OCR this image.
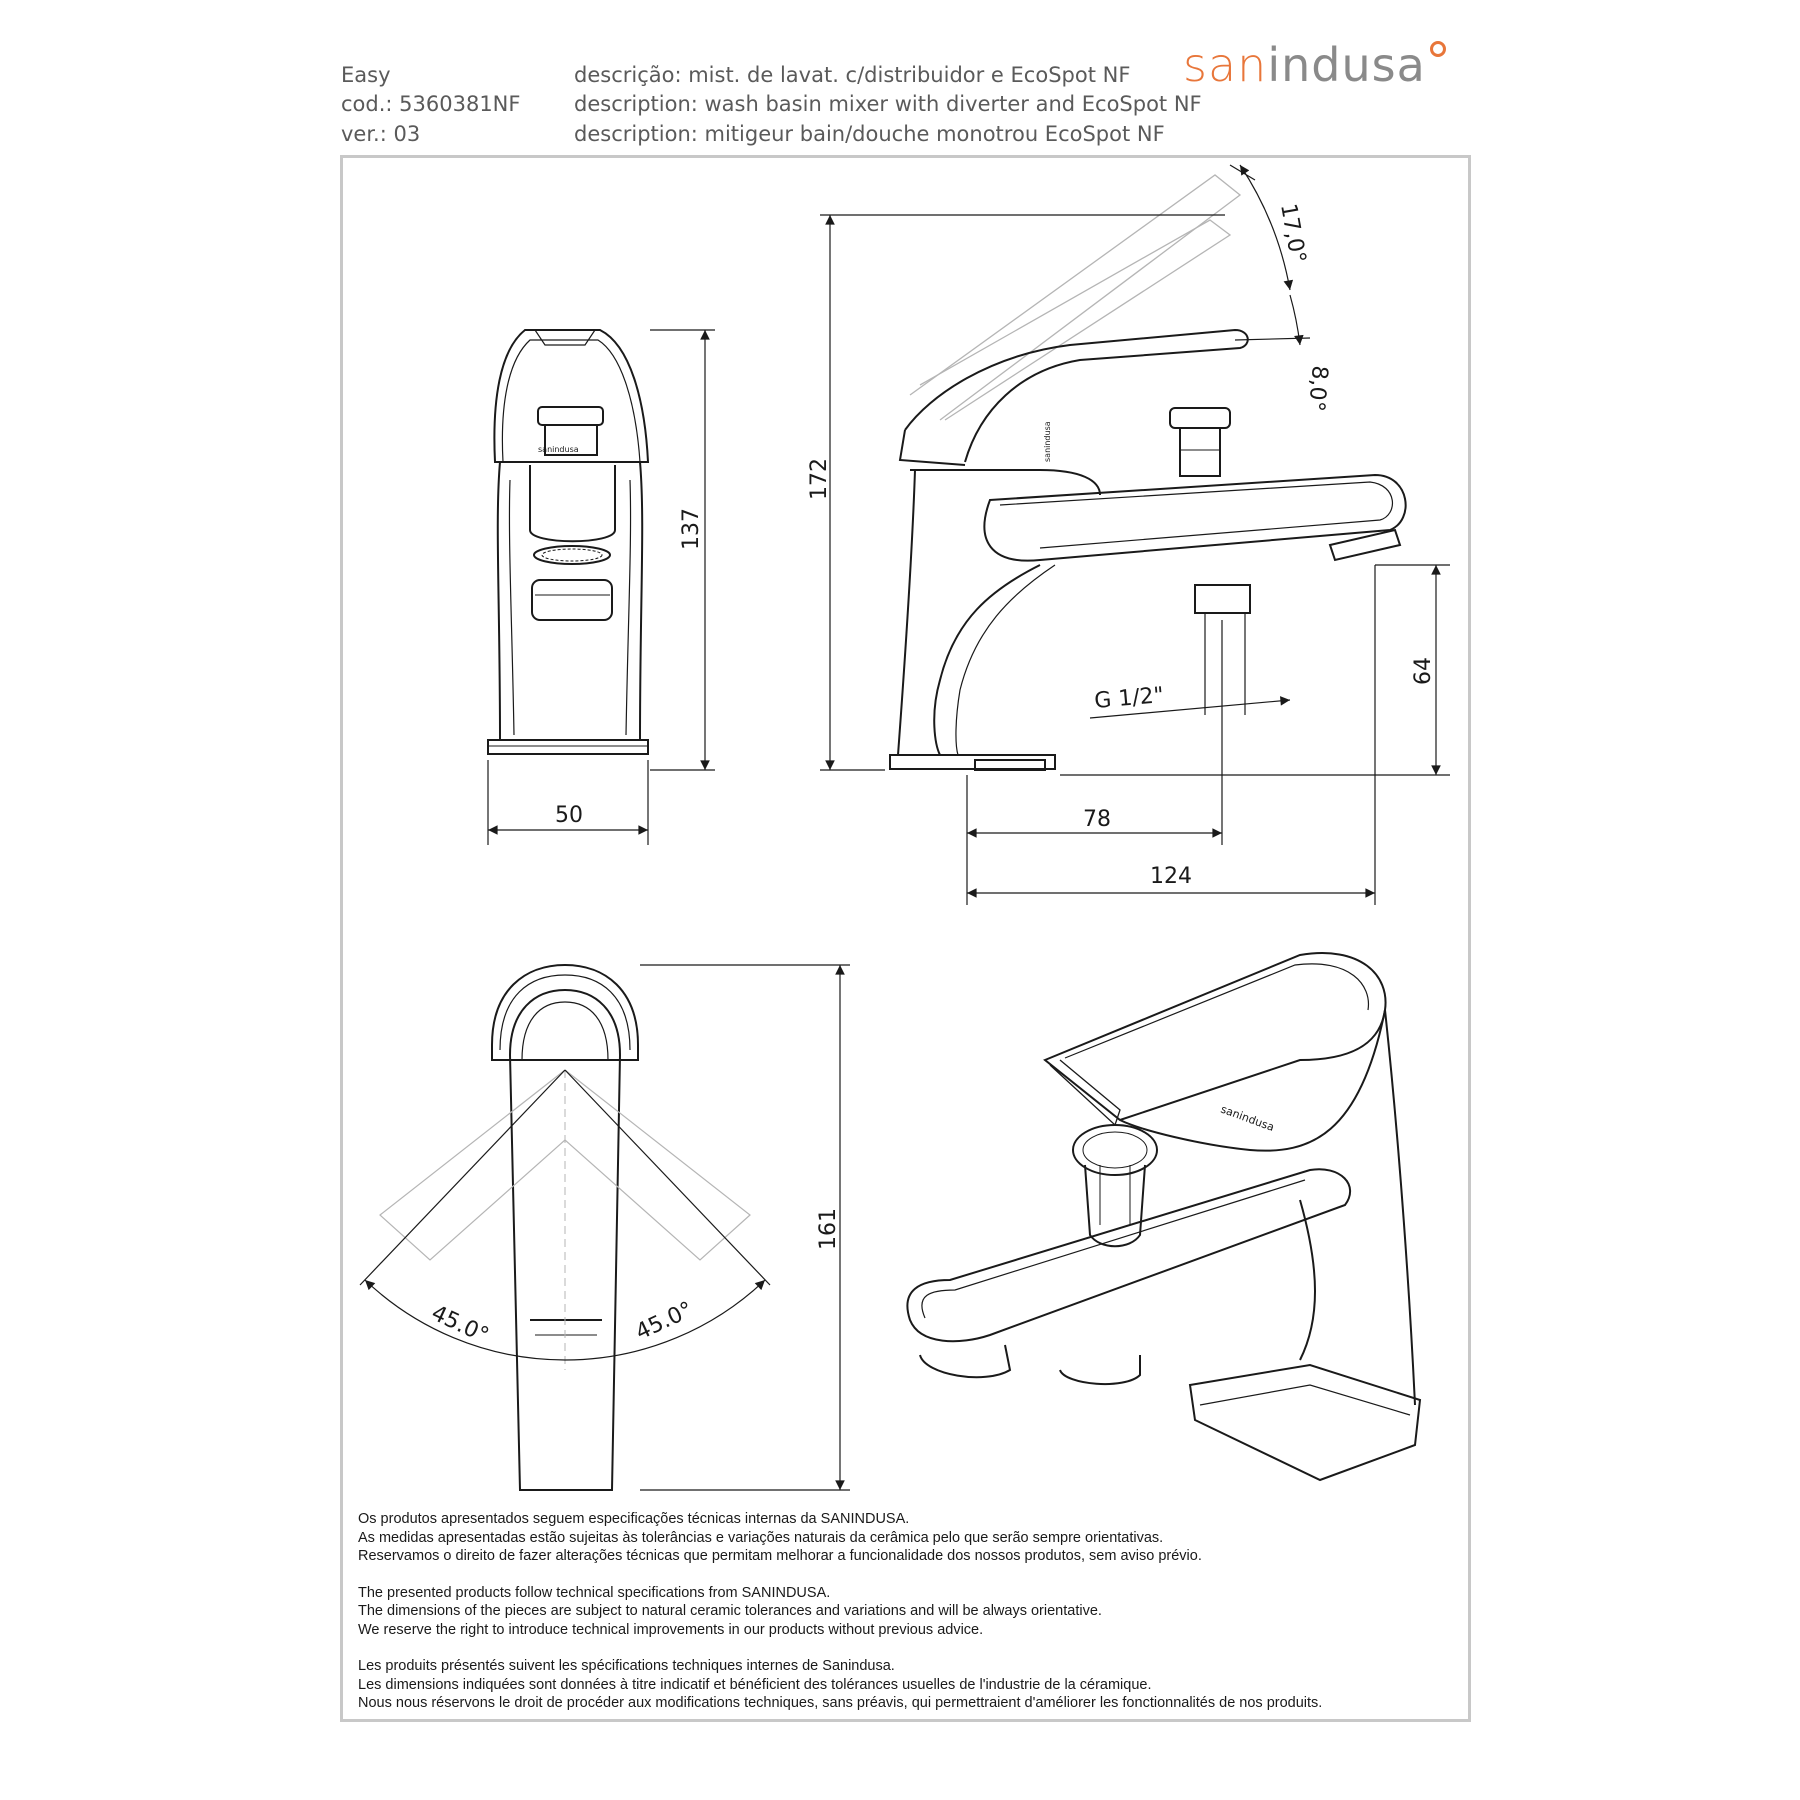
Easy
cod.: 5360381NF
ver.: 03
descrição: mist. de lavat. c/distribuidor e EcoSpot NF
description: wash basin mixer with diverter and EcoSpot NF
description: mitigeur bain/douche monotrou EcoSpot NF
sanindusa
sanindusa
137
50
sanindusa
172
17,0°
8,0°
64
G 1/2"
78
124
45.0°	45.0°
161
sanindusa

Os produtos apresentados seguem especificações técnicas internas da SANINDUSA.
As medidas apresentadas estão sujeitas às tolerâncias e variações naturais da cerâmica pelo que serão sempre orientativas.
Reservamos o direito de fazer alterações técnicas que permitam melhorar a funcionalidade dos nossos produtos, sem aviso prévio.

The presented products follow technical specifications from SANINDUSA.
The dimensions of the pieces are subject to natural ceramic tolerances and variations and will be always orientative.
We reserve the right to introduce technical improvements in our products without previous advice.

Les produits présentés suivent les spécifications techniques internes de Sanindusa.
Les dimensions indiquées sont données à titre indicatif et bénéficient des tolérances usuelles de l'industrie de la céramique.
Nous nous réservons le droit de procéder aux modifications techniques, sans préavis, qui permettraient d'améliorer les fonctionnalités de nos produits.
